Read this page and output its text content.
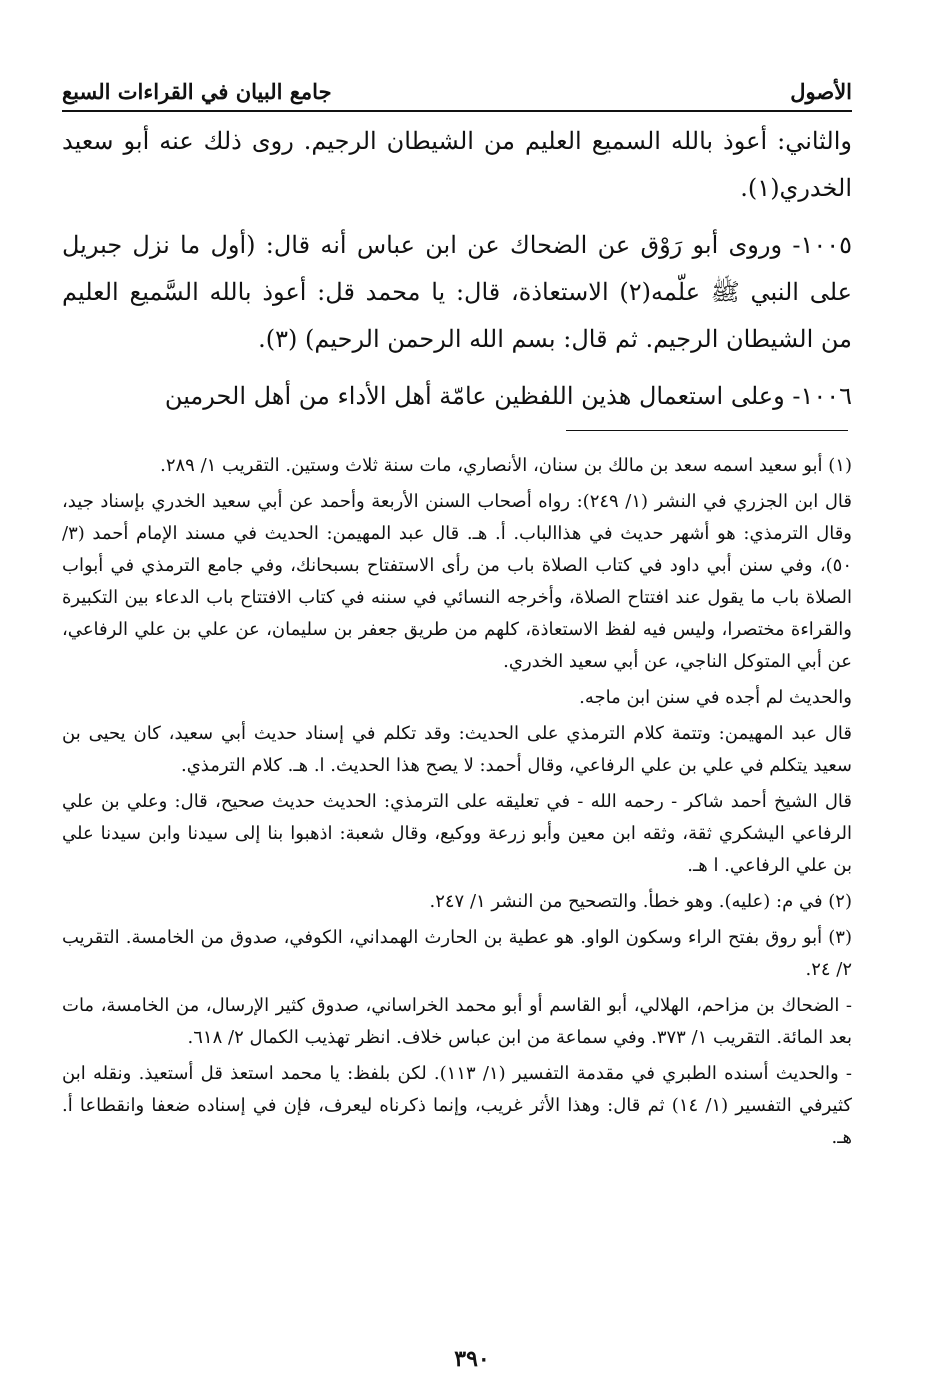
الأصول
جامع البيان في القراءات السبع

والثاني: أعوذ بالله السميع العليم من الشيطان الرجيم. روى ذلك عنه أبو سعيد الخدري(١).

١٠٠٥- وروى أبو رَوْق عن الضحاك عن ابن عباس أنه قال: (أول ما نزل جبريل على النبي ﷺ علّمه(٢) الاستعاذة، قال: يا محمد قل: أعوذ بالله السَّميع العليم من الشيطان الرجيم. ثم قال: بسم الله الرحمن الرحيم) (٣).

١٠٠٦- وعلى استعمال هذين اللفظين عامّة أهل الأداء من أهل الحرمين

(١) أبو سعيد اسمه سعد بن مالك بن سنان، الأنصاري، مات سنة ثلاث وستين. التقريب ١/ ٢٨٩.

قال ابن الجزري في النشر (١/ ٢٤٩): رواه أصحاب السنن الأربعة وأحمد عن أبي سعيد الخدري بإسناد جيد، وقال الترمذي: هو أشهر حديث في هذاالباب. أ. هـ. قال عبد المهيمن: الحديث في مسند الإمام أحمد (٣/ ٥٠)، وفي سنن أبي داود في كتاب الصلاة باب من رأى الاستفتاح بسبحانك، وفي جامع الترمذي في أبواب الصلاة باب ما يقول عند افتتاح الصلاة، وأخرجه النسائي في سننه في كتاب الافتتاح باب الدعاء بين التكبيرة والقراءة مختصرا، وليس فيه لفظ الاستعاذة، كلهم من طريق جعفر بن سليمان، عن علي بن علي الرفاعي، عن أبي المتوكل الناجي، عن أبي سعيد الخدري.

والحديث لم أجده في سنن ابن ماجه.

قال عبد المهيمن: وتتمة كلام الترمذي على الحديث: وقد تكلم في إسناد حديث أبي سعيد، كان يحيى بن سعيد يتكلم في علي بن علي الرفاعي، وقال أحمد: لا يصح هذا الحديث. ا. هـ. كلام الترمذي.

قال الشيخ أحمد شاكر - رحمه الله - في تعليقه على الترمذي: الحديث حديث صحيح، قال: وعلي بن علي الرفاعي اليشكري ثقة، وثقه ابن معين وأبو زرعة ووكيع، وقال شعبة: اذهبوا بنا إلى سيدنا وابن سيدنا علي بن علي الرفاعي. ا هـ.

(٢) في م: (عليه). وهو خطأ. والتصحيح من النشر ١/ ٢٤٧.

(٣) أبو روق بفتح الراء وسكون الواو. هو عطية بن الحارث الهمداني، الكوفي، صدوق من الخامسة. التقريب ٢/ ٢٤.

- الضحاك بن مزاحم، الهلالي، أبو القاسم أو أبو محمد الخراساني، صدوق كثير الإرسال، من الخامسة، مات بعد المائة. التقريب ١/ ٣٧٣. وفي سماعة من ابن عباس خلاف. انظر تهذيب الكمال ٢/ ٦١٨.

- والحديث أسنده الطبري في مقدمة التفسير (١/ ١١٣). لكن بلفظ: يا محمد استعذ قل أستعيذ. ونقله ابن كثيرفي التفسير (١/ ١٤) ثم قال: وهذا الأثر غريب، وإنما ذكرناه ليعرف، فإن في إسناده ضعفا وانقطاعا أ. هـ.

٣٩٠
